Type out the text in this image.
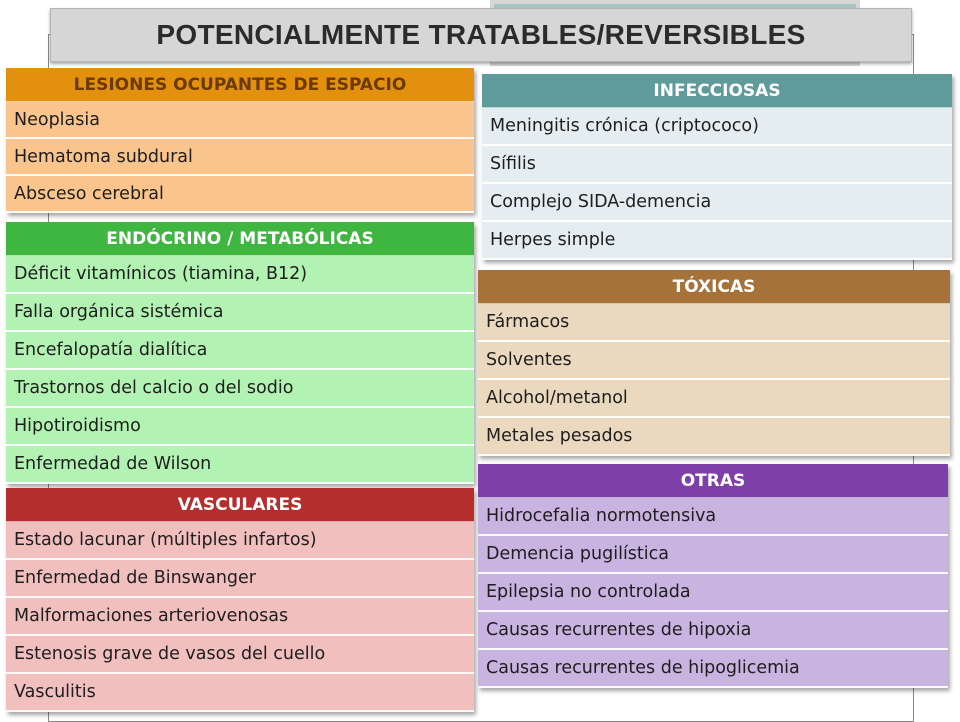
POTENCIALMENTE TRATABLES/REVERSIBLES
LESIONES OCUPANTES DE ESPACIO
Neoplasia
Hematoma subdural
Absceso cerebral
INFECCIOSAS
Meningitis crónica (criptococo)
Sífilis
Complejo SIDA-demencia
Herpes simple
ENDÓCRINO / METABÓLICAS
Déficit vitamínicos (tiamina, B12)
Falla orgánica sistémica
Encefalopatía dialítica
Trastornos del calcio o del sodio
Hipotiroidismo
Enfermedad de Wilson
TÓXICAS
Fármacos
Solventes
Alcohol/metanol
Metales pesados
VASCULARES
Estado lacunar (múltiples infartos)
Enfermedad de Binswanger
Malformaciones arteriovenosas
Estenosis grave de vasos del cuello
Vasculitis
OTRAS
Hidrocefalia normotensiva
Demencia pugilística
Epilepsia no controlada
Causas recurrentes de hipoxia
Causas recurrentes de hipoglicemia
